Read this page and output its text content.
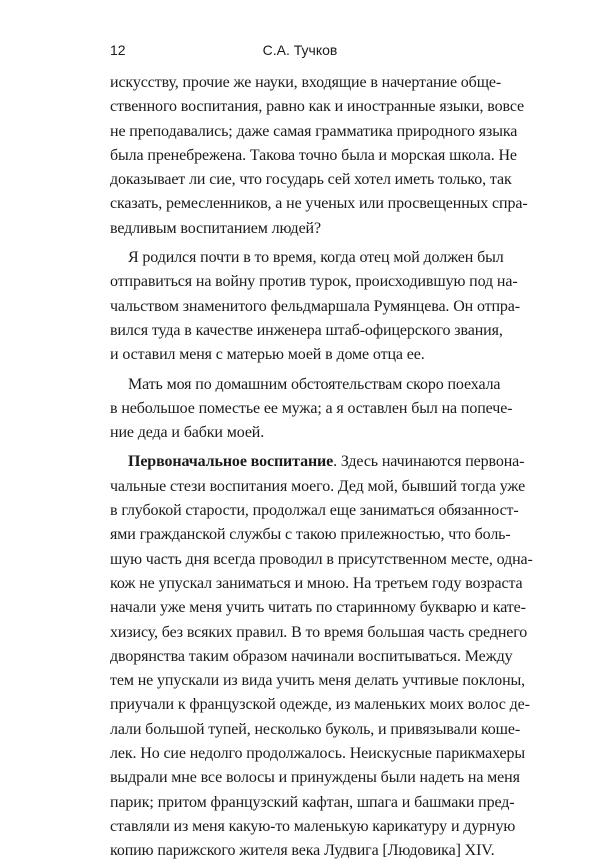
12	С.А. Тучков
искусству, прочие же науки, входящие в начертание обще-
ственного воспитания, равно как и иностранные языки, вовсе
не преподавались; даже самая грамматика природного языка
была пренебрежена. Такова точно была и морская школа. Не
доказывает ли сие, что государь сей хотел иметь только, так
сказать, ремесленников, а не ученых или просвещенных спра-
ведливым воспитанием людей?
Я родился почти в то время, когда отец мой должен был
отправиться на войну против турок, происходившую под на-
чальством знаменитого фельдмаршала Румянцева. Он отпра-
вился туда в качестве инженера штаб-офицерского звания,
и оставил меня с матерью моей в доме отца ее.
Мать моя по домашним обстоятельствам скоро поехала
в небольшое поместье ее мужа; а я оставлен был на попече-
ние деда и бабки моей.
Первоначальное воспитание. Здесь начинаются первона-
чальные стези воспитания моего. Дед мой, бывший тогда уже
в глубокой старости, продолжал еще заниматься обязанност-
ями гражданской службы с такою прилежностью, что боль-
шую часть дня всегда проводил в присутственном месте, одна-
кож не упускал заниматься и мною. На третьем году возраста
начали уже меня учить читать по старинному букварю и кате-
хизису, без всяких правил. В то время большая часть среднего
дворянства таким образом начинали воспитываться. Между
тем не упускали из вида учить меня делать учтивые поклоны,
приучали к французской одежде, из маленьких моих волос де-
лали большой тупей, несколько буколь, и привязывали коше-
лек. Но сие недолго продолжалось. Неискусные парикмахеры
выдрали мне все волосы и принуждены были надеть на меня
парик; притом французский кафтан, шпага и башмаки пред-
ставляли из меня какую-то маленькую карикатуру и дурную
копию парижского жителя века Лудвига [Людовика] XIV.
